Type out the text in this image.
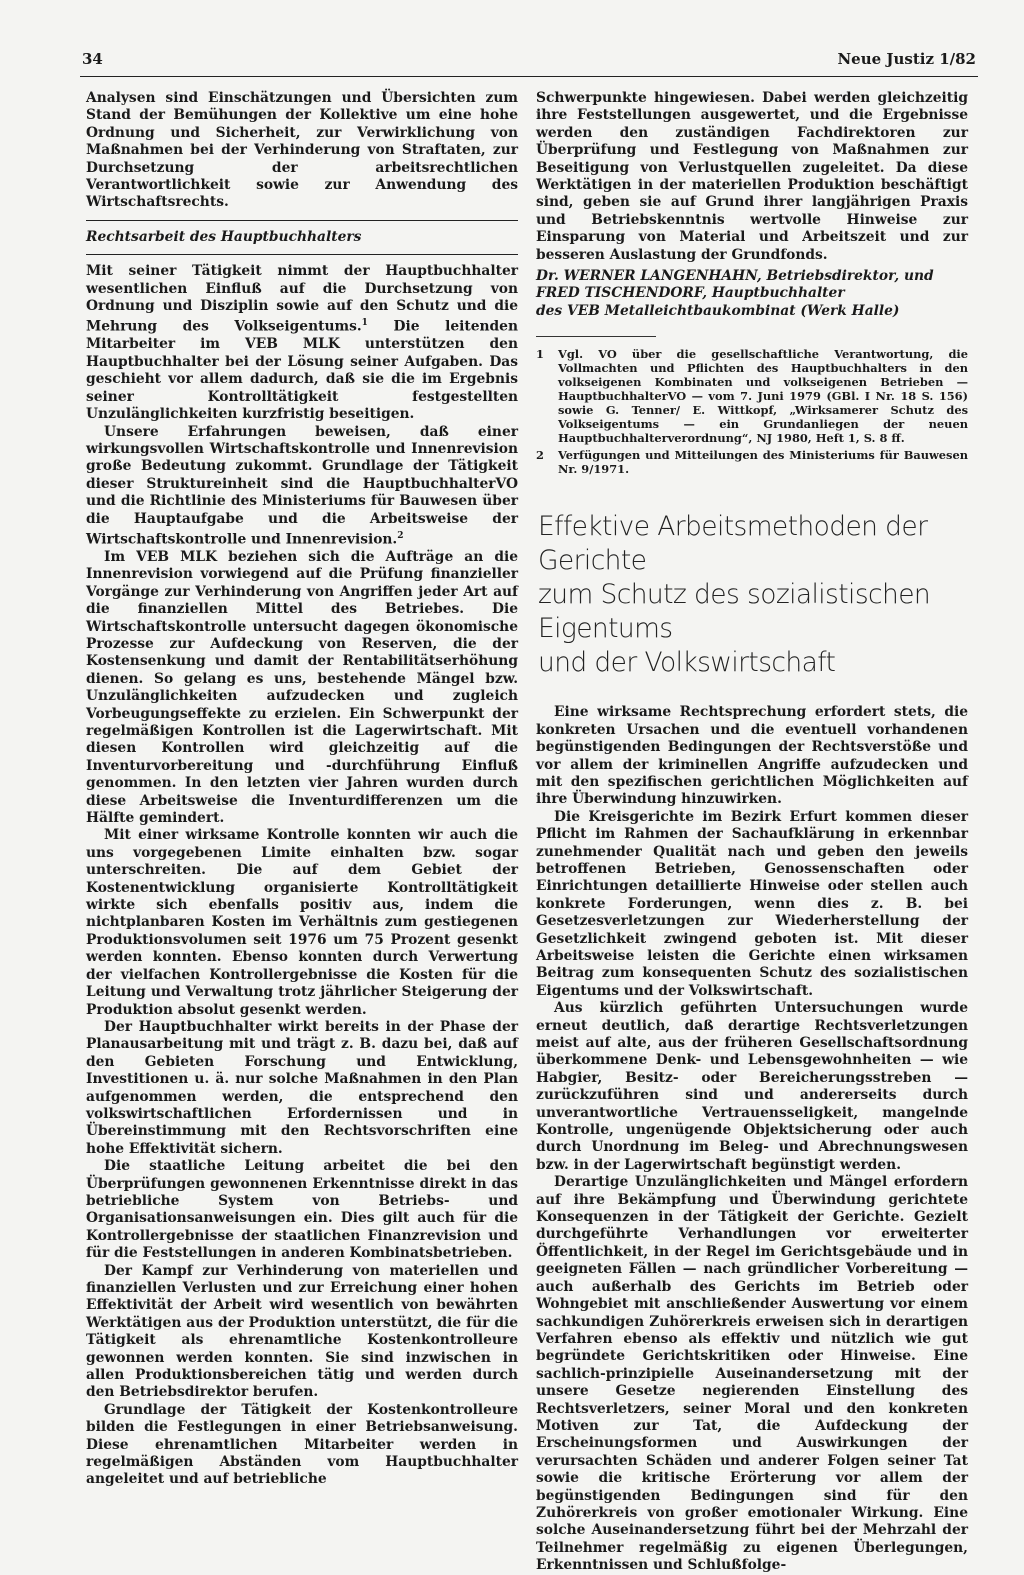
34	Neue Justiz 1/82

Analysen sind Einschätzungen und Übersichten zum Stand der Bemühungen der Kollektive um eine hohe Ordnung und Sicherheit, zur Verwirklichung von Maßnahmen bei der Verhinderung von Straftaten, zur Durchsetzung der arbeitsrechtlichen Verantwortlichkeit sowie zur Anwendung des Wirtschaftsrechts.

Rechtsarbeit des Hauptbuchhalters

Mit seiner Tätigkeit nimmt der Hauptbuchhalter wesentlichen Einfluß auf die Durchsetzung von Ordnung und Disziplin sowie auf den Schutz und die Mehrung des Volkseigentums.$^1$ Die leitenden Mitarbeiter im VEB MLK unterstützen den Hauptbuchhalter bei der Lösung seiner Aufgaben. Das geschieht vor allem dadurch, daß sie die im Ergebnis seiner Kontrolltätigkeit festgestellten Unzulänglichkeiten kurzfristig beseitigen.

Unsere Erfahrungen beweisen, daß einer wirkungsvollen Wirtschaftskontrolle und Innenrevision große Bedeutung zukommt. Grundlage der Tätigkeit dieser Struktureinheit sind die HauptbuchhalterVO und die Richtlinie des Ministeriums für Bauwesen über die Hauptaufgabe und die Arbeitsweise der Wirtschaftskontrolle und Innenrevision.$^2$

Im VEB MLK beziehen sich die Aufträge an die Innenrevision vorwiegend auf die Prüfung finanzieller Vorgänge zur Verhinderung von Angriffen jeder Art auf die finanziellen Mittel des Betriebes. Die Wirtschaftskontrolle untersucht dagegen ökonomische Prozesse zur Aufdeckung von Reserven, die der Kostensenkung und damit der Rentabilitätserhöhung dienen. So gelang es uns, bestehende Mängel bzw. Unzulänglichkeiten aufzudecken und zugleich Vorbeugungseffekte zu erzielen. Ein Schwerpunkt der regelmäßigen Kontrollen ist die Lagerwirtschaft. Mit diesen Kontrollen wird gleichzeitig auf die Inventurvorbereitung und -durchführung Einfluß genommen. In den letzten vier Jahren wurden durch diese Arbeitsweise die Inventurdifferenzen um die Hälfte gemindert.

Mit einer wirksame Kontrolle konnten wir auch die uns vorgegebenen Limite einhalten bzw. sogar unterschreiten. Die auf dem Gebiet der Kostenentwicklung organisierte Kontrolltätigkeit wirkte sich ebenfalls positiv aus, indem die nichtplanbaren Kosten im Verhältnis zum gestiegenen Produktionsvolumen seit 1976 um 75 Prozent gesenkt werden konnten. Ebenso konnten durch Verwertung der vielfachen Kontrollergebnisse die Kosten für die Leitung und Verwaltung trotz jährlicher Steigerung der Produktion absolut gesenkt werden.

Der Hauptbuchhalter wirkt bereits in der Phase der Planausarbeitung mit und trägt z. B. dazu bei, daß auf den Gebieten Forschung und Entwicklung, Investitionen u. ä. nur solche Maßnahmen in den Plan aufgenommen werden, die entsprechend den volkswirtschaftlichen Erfordernissen und in Übereinstimmung mit den Rechtsvorschriften eine hohe Effektivität sichern.

Die staatliche Leitung arbeitet die bei den Überprüfungen gewonnenen Erkenntnisse direkt in das betriebliche System von Betriebs- und Organisationsanweisungen ein. Dies gilt auch für die Kontrollergebnisse der staatlichen Finanzrevision und für die Feststellungen in anderen Kombinatsbetrieben.

Der Kampf zur Verhinderung von materiellen und finanziellen Verlusten und zur Erreichung einer hohen Effektivität der Arbeit wird wesentlich von bewährten Werktätigen aus der Produktion unterstützt, die für die Tätigkeit als ehrenamtliche Kostenkontrolleure gewonnen werden konnten. Sie sind inzwischen in allen Produktionsbereichen tätig und werden durch den Betriebsdirektor berufen.

Grundlage der Tätigkeit der Kostenkontrolleure bilden die Festlegungen in einer Betriebsanweisung. Diese ehrenamtlichen Mitarbeiter werden in regelmäßigen Abständen vom Hauptbuchhalter angeleitet und auf betriebliche

Schwerpunkte hingewiesen. Dabei werden gleichzeitig ihre Feststellungen ausgewertet, und die Ergebnisse werden den zuständigen Fachdirektoren zur Überprüfung und Festlegung von Maßnahmen zur Beseitigung von Verlustquellen zugeleitet. Da diese Werktätigen in der materiellen Produktion beschäftigt sind, geben sie auf Grund ihrer langjährigen Praxis und Betriebskenntnis wertvolle Hinweise zur Einsparung von Material und Arbeitszeit und zur besseren Auslastung der Grundfonds.

Dr. WERNER LANGENHAHN, Betriebsdirektor, und

FRED TISCHENDORF, Hauptbuchhalter

des VEB Metalleichtbaukombinat (Werk Halle)

1	Vgl. VO über die gesellschaftliche Verantwortung, die Vollmachten und Pflichten des Hauptbuchhalters in den volkseigenen Kombinaten und volkseigenen Betrieben — HauptbuchhalterVO — vom 7. Juni 1979 (GBl. I Nr. 18 S. 156) sowie G. Tenner/ E. Wittkopf, „Wirksamerer Schutz des Volkseigentums — ein Grundanliegen der neuen Hauptbuchhalterverordnung“, NJ 1980, Heft 1, S. 8 ff.
2	Verfügungen und Mitteilungen des Ministeriums für Bauwesen Nr. 9/1971.
Effektive Arbeitsmethoden der Gerichte
zum Schutz des sozialistischen Eigentums
und der Volkswirtschaft

Eine wirksame Rechtsprechung erfordert stets, die konkreten Ursachen und die eventuell vorhandenen begünstigenden Bedingungen der Rechtsverstöße und vor allem der kriminellen Angriffe aufzudecken und mit den spezifischen gerichtlichen Möglichkeiten auf ihre Überwindung hinzuwirken.

Die Kreisgerichte im Bezirk Erfurt kommen dieser Pflicht im Rahmen der Sachaufklärung in erkennbar zunehmender Qualität nach und geben den jeweils betroffenen Betrieben, Genossenschaften oder Einrichtungen detaillierte Hinweise oder stellen auch konkrete Forderungen, wenn dies z. B. bei Gesetzesverletzungen zur Wiederherstellung der Gesetzlichkeit zwingend geboten ist. Mit dieser Arbeitsweise leisten die Gerichte einen wirksamen Beitrag zum konsequenten Schutz des sozialistischen Eigentums und der Volkswirtschaft.

Aus kürzlich geführten Untersuchungen wurde erneut deutlich, daß derartige Rechtsverletzungen meist auf alte, aus der früheren Gesellschaftsordnung überkommene Denk- und Lebensgewohnheiten — wie Habgier, Besitz- oder Bereicherungsstreben — zurückzuführen sind und andererseits durch unverantwortliche Vertrauensseligkeit, mangelnde Kontrolle, ungenügende Objektsicherung oder auch durch Unordnung im Beleg- und Abrechnungswesen bzw. in der Lagerwirtschaft begünstigt werden.

Derartige Unzulänglichkeiten und Mängel erfordern auf ihre Bekämpfung und Überwindung gerichtete Konsequenzen in der Tätigkeit der Gerichte. Gezielt durchgeführte Verhandlungen vor erweiterter Öffentlichkeit, in der Regel im Gerichtsgebäude und in geeigneten Fällen — nach gründlicher Vorbereitung — auch außerhalb des Gerichts im Betrieb oder Wohngebiet mit anschließender Auswertung vor einem sachkundigen Zuhörerkreis erweisen sich in derartigen Verfahren ebenso als effektiv und nützlich wie gut begründete Gerichtskritiken oder Hinweise. Eine sachlich-prinzipielle Auseinandersetzung mit der unsere Gesetze negierenden Einstellung des Rechtsverletzers, seiner Moral und den konkreten Motiven zur Tat, die Aufdeckung der Erscheinungsformen und Auswirkungen der verursachten Schäden und anderer Folgen seiner Tat sowie die kritische Erörterung vor allem der begünstigenden Bedingungen sind für den Zuhörerkreis von großer emotionaler Wirkung. Eine solche Auseinandersetzung führt bei der Mehrzahl der Teilnehmer regelmäßig zu eigenen Überlegungen, Erkenntnissen und Schlußfolge-
